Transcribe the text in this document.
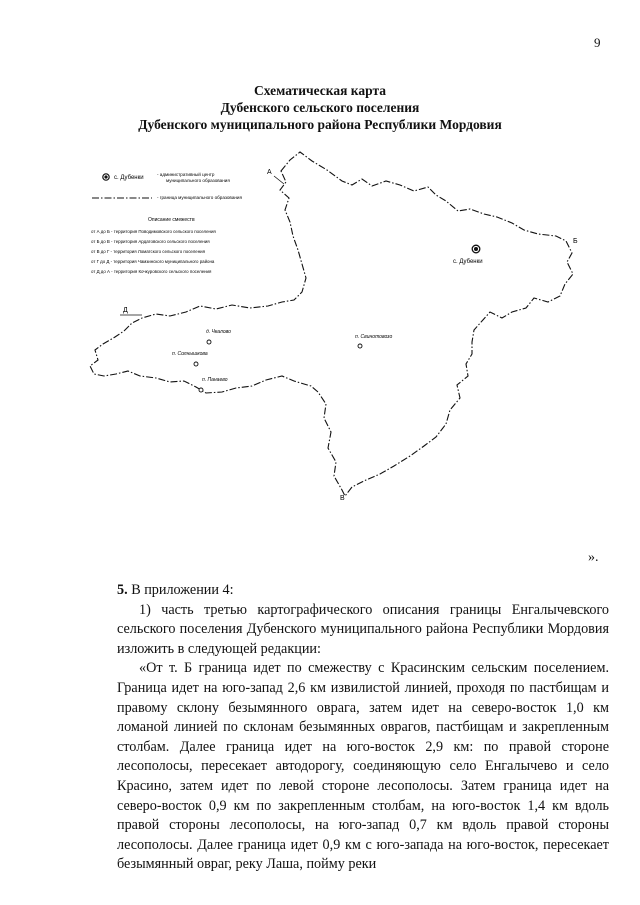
9
Схематическая карта
Дубенского сельского поселения
Дубенского муниципального района Республики Мордовия
с. Дубенки
- административный центр
муниципального образования
- граница муниципального образования
Описание смежеств
от А до Б - территория Поводимовского сельского поселения
от Б до В - территория Ардатовского сельского поселения
от В до Г - территория Ломатского сельского поселения
от Г до Д - территория Чамзинского муниципального района
от Д до А - территория Кочкуровского сельского поселения
А
Б
В
Д
с. Дубенки
п. Свинотовозо
д. Чкалово
п. Солнышкова
п. Панаево
».

5. В приложении 4:

1) часть третью картографического описания границы Енгалычевского сельского поселения Дубенского муниципального района Республики Мордовия изложить в следующей редакции:

«От т. Б граница идет по смежеству с Красинским сельским поселением. Граница идет на юго-запад 2,6 км извилистой линией, проходя по пастбищам и правому склону безымянного оврага, затем идет на северо-восток 1,0 км ломаной линией по склонам безымянных оврагов, пастбищам и закрепленным столбам. Далее граница идет на юго-восток 2,9 км: по правой стороне лесополосы, пересекает автодорогу, соединяющую село Енгалычево и село Красино, затем идет по левой стороне лесополосы. Затем граница идет на северо-восток 0,9 км по закрепленным столбам, на юго-восток 1,4 км вдоль правой стороны лесополосы, на юго-запад 0,7 км вдоль правой стороны лесополосы. Далее граница идет 0,9 км с юго-запада на юго-восток, пересекает безымянный овраг, реку Лаша, пойму реки
